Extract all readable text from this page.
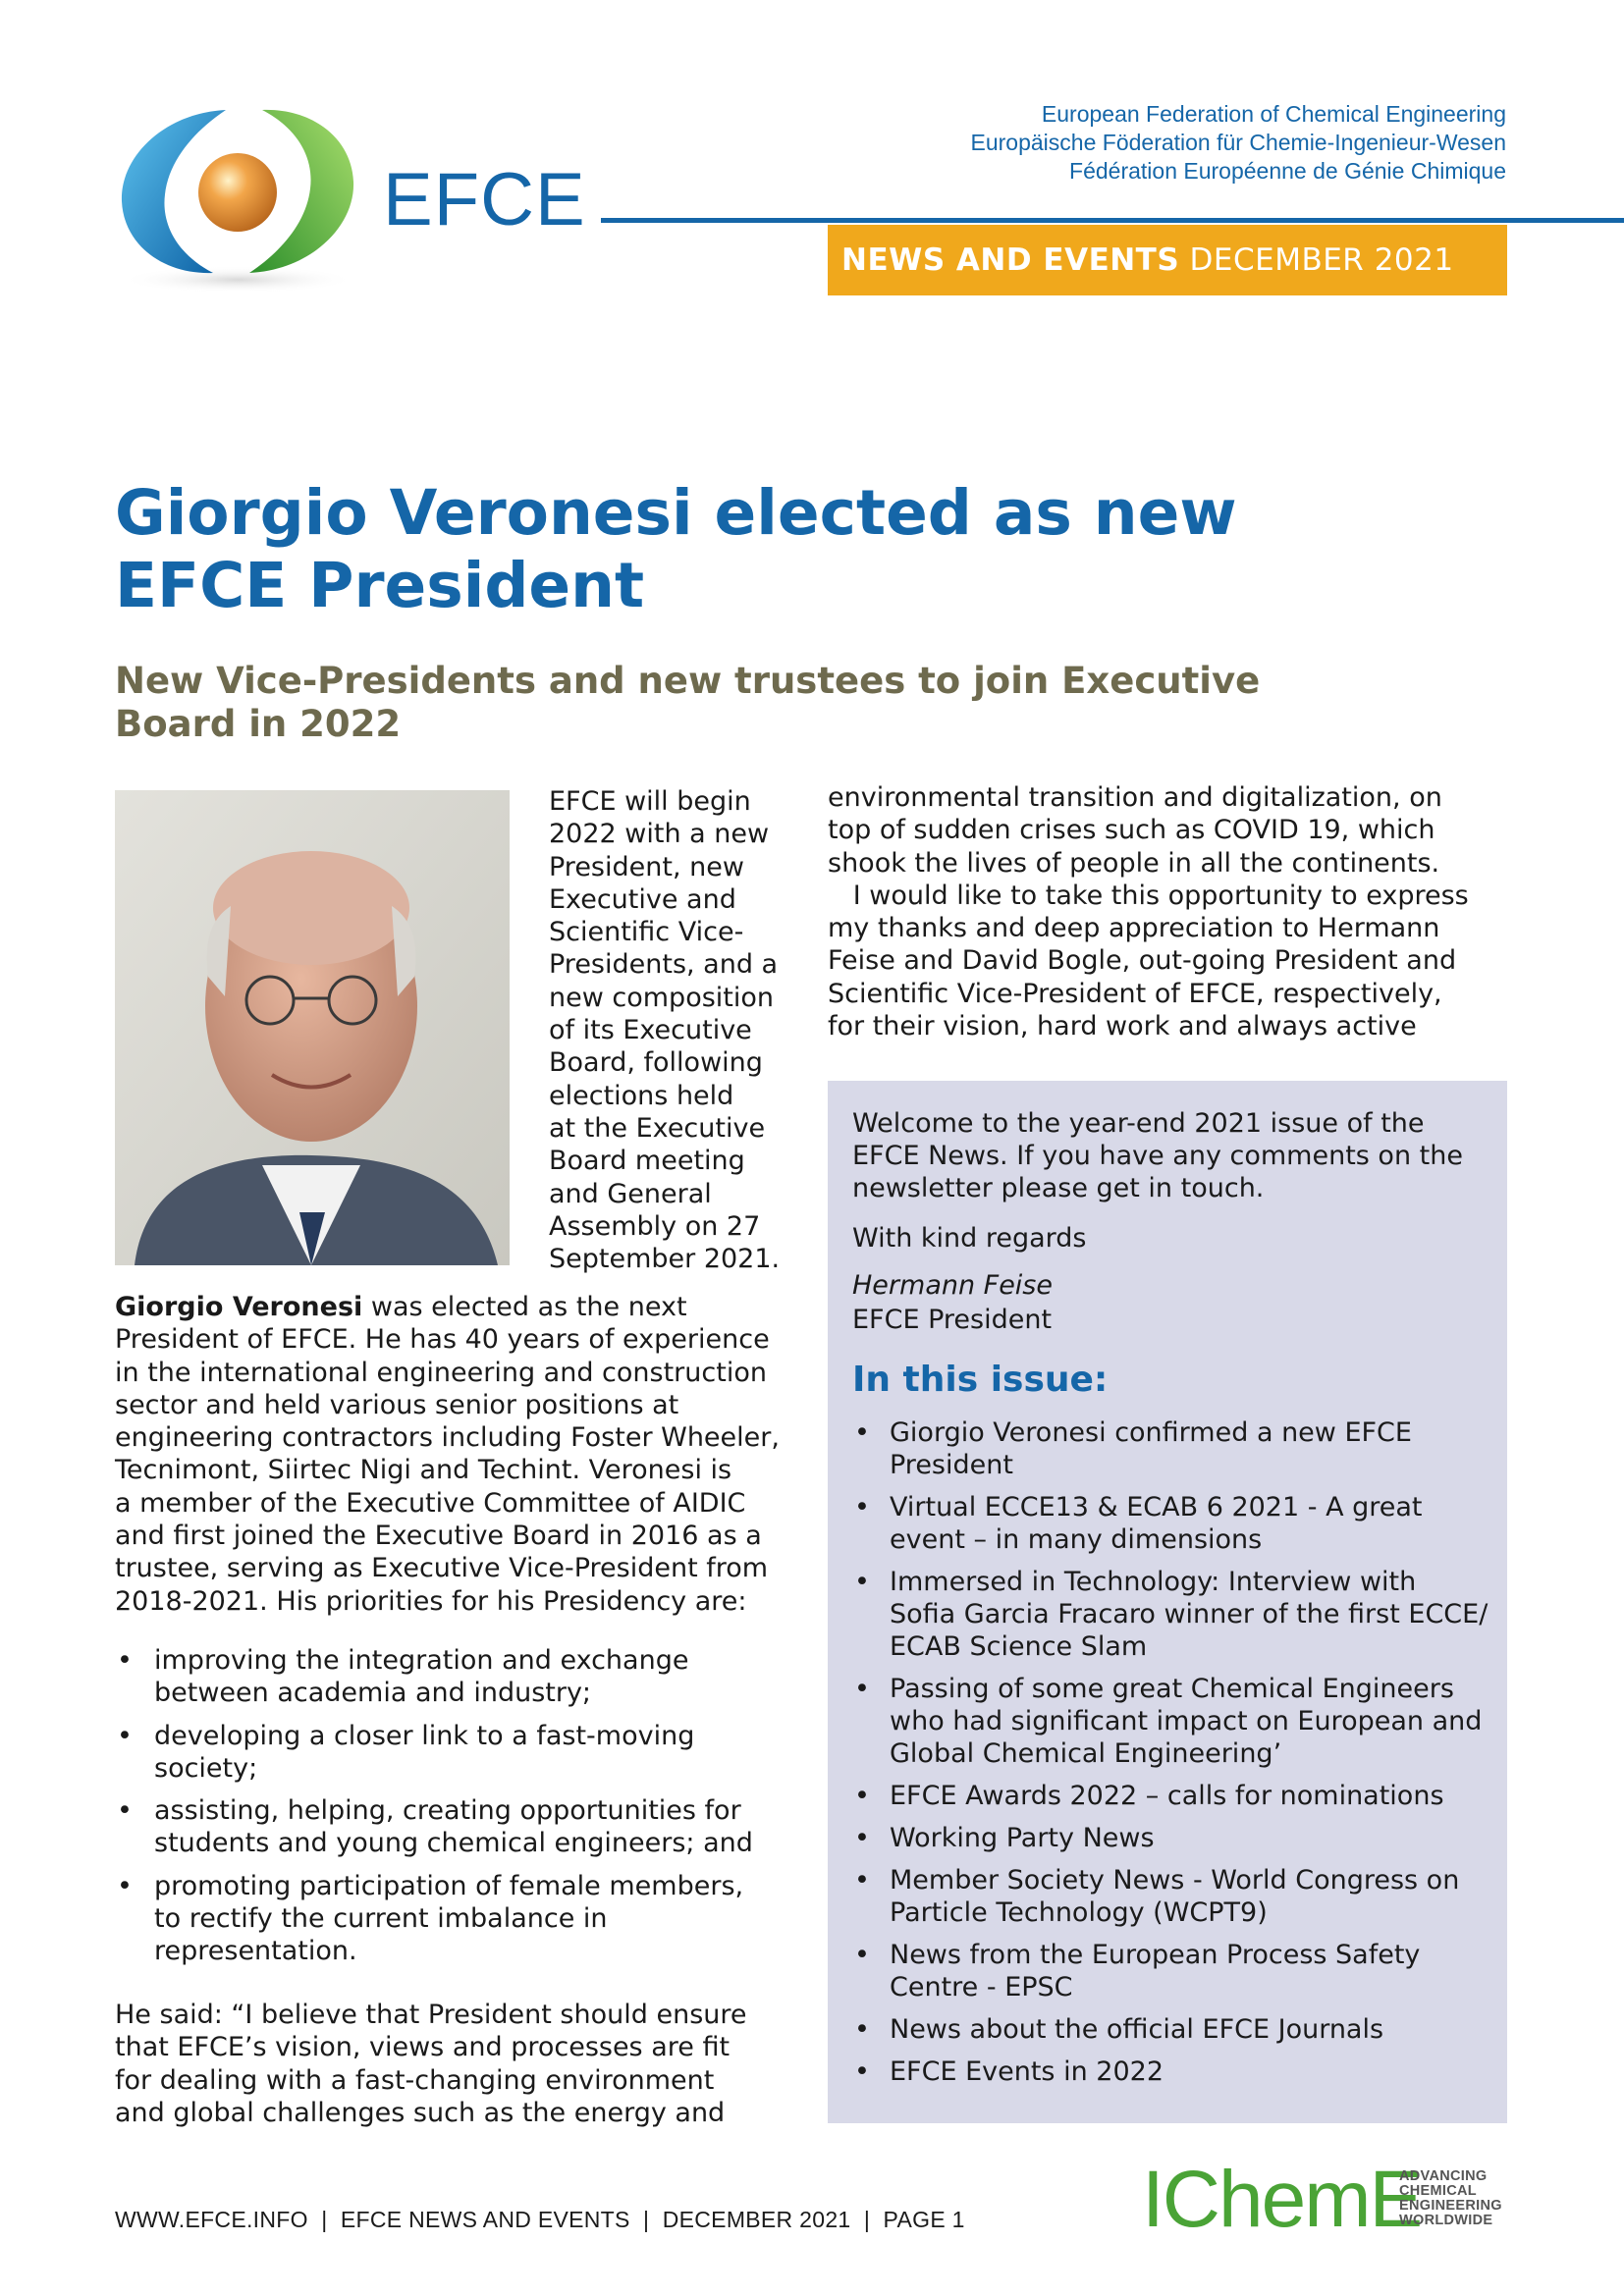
EFCE
European Federation of Chemical Engineering
Europäische Föderation für Chemie-Ingenieur-Wesen
Fédération Européenne de Génie Chimique
NEWS AND EVENTS DECEMBER 2021
Giorgio Veronesi elected as new
EFCE President
New Vice-Presidents and new trustees to join Executive
Board in 2022
EFCE will begin
2022 with a new
President, new
Executive and
Scientific Vice-
Presidents, and a
new composition
of its Executive
Board, following
elections held
at the Executive
Board meeting
and General
Assembly on 27
September 2021.

Giorgio Veronesi was elected as the next

President of EFCE. He has 40 years of experience
in the international engineering and construction
sector and held various senior positions at
engineering contractors including Foster Wheeler,
Tecnimont, Siirtec Nigi and Techint. Veronesi is
a member of the Executive Committee of AIDIC
and first joined the Executive Board in 2016 as a
trustee, serving as Executive Vice-President from
2018-2021. His priorities for his Presidency are:
• improving the integration and exchange
between academia and industry;
• developing a closer link to a fast-moving
society;
• assisting, helping, creating opportunities for
students and young chemical engineers; and
• promoting participation of female members,
to rectify the current imbalance in
representation.
He said: “I believe that President should ensure
that EFCE’s vision, views and processes are fit
for dealing with a fast-changing environment
and global challenges such as the energy and
environmental transition and digitalization, on
top of sudden crises such as COVID 19, which
shook the lives of people in all the continents.
I would like to take this opportunity to express
my thanks and deep appreciation to Hermann
Feise and David Bogle, out-going President and
Scientific Vice-President of EFCE, respectively,
for their vision, hard work and always active
Welcome to the year-end 2021 issue of the
EFCE News. If you have any comments on the
newsletter please get in touch.
With kind regards
Hermann Feise
EFCE President
In this issue:
• Giorgio Veronesi confirmed a new EFCE
President
• Virtual ECCE13 & ECAB 6 2021 - A great
event – in many dimensions
• Immersed in Technology: Interview with
Sofia Garcia Fracaro winner of the first ECCE/
ECAB Science Slam
• Passing of some great Chemical Engineers
who had significant impact on European and
Global Chemical Engineering’
• EFCE Awards 2022 – calls for nominations
• Working Party News
• Member Society News - World Congress on
Particle Technology (WCPT9)
• News from the European Process Safety
Centre - EPSC
• News about the official EFCE Journals
• EFCE Events in 2022
WWW.EFCE.INFO  |  EFCE NEWS AND EVENTS  |  DECEMBER 2021  |  PAGE 1 IChemE
ADVANCING
CHEMICAL
ENGINEERING
WORLDWIDE
